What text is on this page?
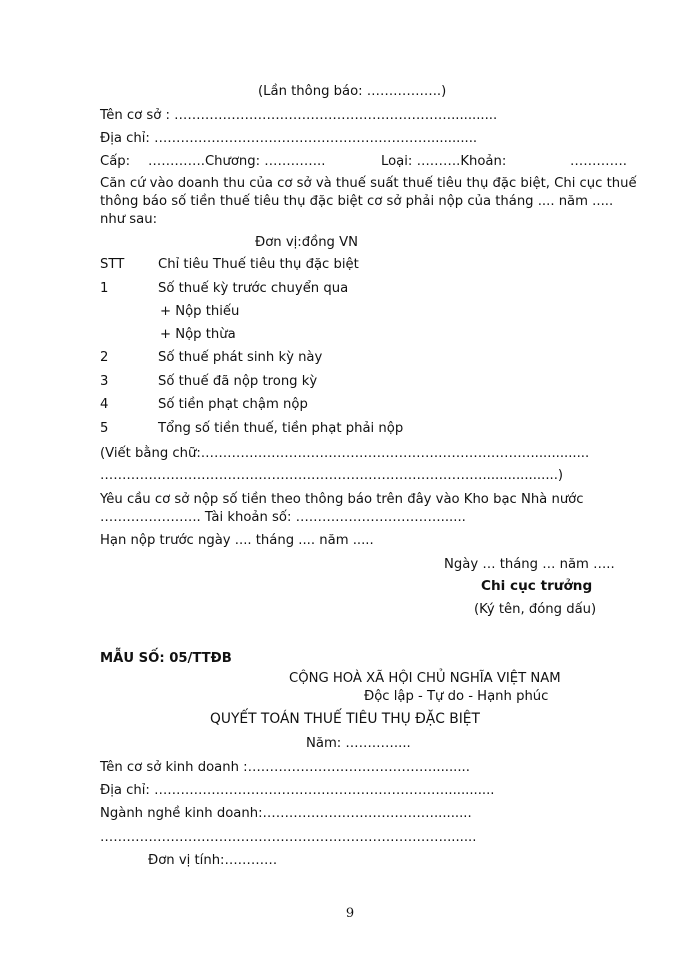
(Lần thông báo: ……………..)
Tên cơ sở : ………………………………………………………...........
Địa chỉ: ………………………………………………………...........
Cấp: ………….Chương: …………..	Loại: ……….Khoản:	………….
Căn cứ vào doanh thu của cơ sở và thuế suất thuế tiêu thụ đặc biệt, Chi cục thuế thông báo số tiền thuế tiêu thụ đặc biệt cơ sở phải nộp của tháng .... năm ..... như sau:
Đơn vị:đồng VN
STT	Chỉ tiêu Thuế tiêu thụ đặc biệt
1	Số thuế kỳ trước chuyển qua
+ Nộp thiếu
+ Nộp thừa
2	Số thuế phát sinh kỳ này
3	Số thuế đã nộp trong kỳ
4	Số tiền phạt chậm nộp
5	Tổng số tiền thuế, tiền phạt phải nộp
(Viết bằng chữ:…………………………………………………………………..............
……………………………………………………………………………..................)
Yêu cầu cơ sở nộp số tiền theo thông báo trên đây vào Kho bạc Nhà nước
………………….. Tài khoản số: ……………………………......
Hạn nộp trước ngày .... tháng .... năm .....
Ngày … tháng … năm …..
Chi cục trưởng
(Ký tên, đóng dấu)
MẪU SỐ: 05/TTĐB
CỘNG HOÀ XÃ HỘI CHỦ NGHĨA VIỆT NAM
Độc lập - Tự do - Hạnh phúc
QUYẾT TOÁN THUẾ TIÊU THỤ ĐẶC BIỆT
Năm: …………...
Tên cơ sở kinh doanh :…………………………………….........
Địa chỉ: …………………………………………………………............
Ngành nghề kinh doanh:………………………………….........
……………………………………………………………………........
Đơn vị tính:…………
9
